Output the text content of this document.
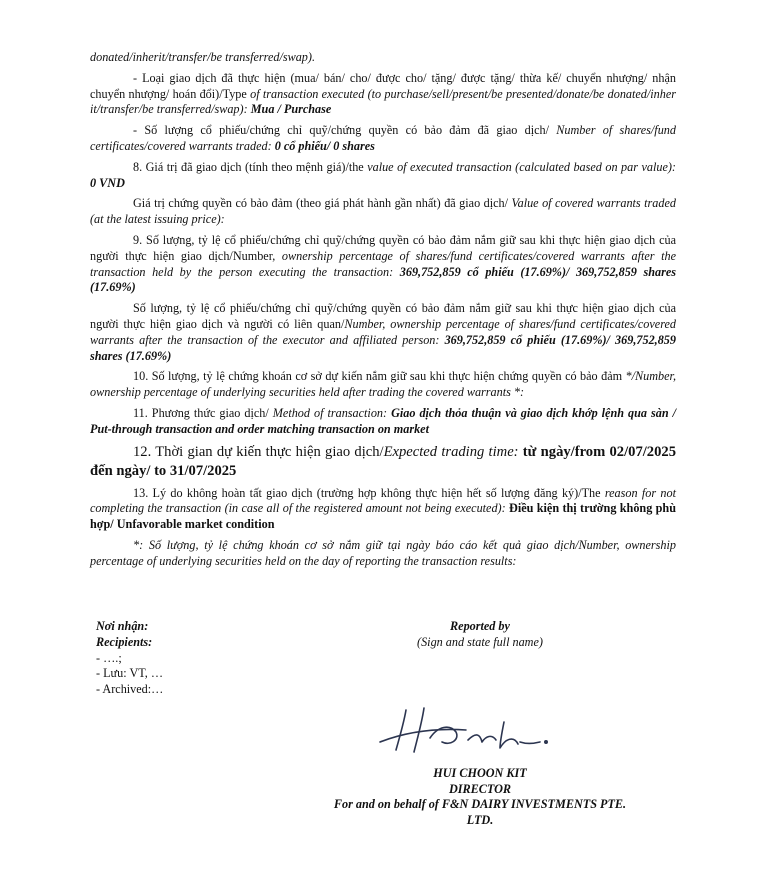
donated/inherit/transfer/be transferred/swap).

- Loại giao dịch đã thực hiện (mua/ bán/ cho/ được cho/ tặng/ được tặng/ thừa kế/ chuyển nhượng/ nhận chuyển nhượng/ hoán đổi)/Type of transaction executed (to purchase/sell/present/be presented/donate/be donated/inher it/transfer/be transferred/swap): Mua / Purchase

- Số lượng cổ phiếu/chứng chỉ quỹ/chứng quyền có bảo đảm đã giao dịch/ Number of shares/fund certificates/covered warrants traded: 0 cổ phiếu/ 0 shares

8. Giá trị đã giao dịch (tính theo mệnh giá)/the value of executed transaction (calculated based on par value): 0 VND

Giá trị chứng quyền có bảo đảm (theo giá phát hành gần nhất) đã giao dịch/ Value of covered warrants traded (at the latest issuing price):

9. Số lượng, tỷ lệ cổ phiếu/chứng chỉ quỹ/chứng quyền có bảo đảm nắm giữ sau khi thực hiện giao dịch của người thực hiện giao dịch/Number, ownership percentage of shares/fund certificates/covered warrants after the transaction held by the person executing the transaction: 369,752,859 cổ phiếu (17.69%)/ 369,752,859 shares (17.69%)

Số lượng, tỷ lệ cổ phiếu/chứng chỉ quỹ/chứng quyền có bảo đảm nắm giữ sau khi thực hiện giao dịch của người thực hiện giao dịch và người có liên quan/Number, ownership percentage of shares/fund certificates/covered warrants after the transaction of the executor and affiliated person: 369,752,859 cổ phiếu (17.69%)/ 369,752,859 shares (17.69%)

10. Số lượng, tỷ lệ chứng khoán cơ sở dự kiến nắm giữ sau khi thực hiện chứng quyền có bảo đảm */Number, ownership percentage of underlying securities held after trading the covered warrants *:

11. Phương thức giao dịch/ Method of transaction: Giao dịch thỏa thuận và giao dịch khớp lệnh qua sàn / Put-through transaction and order matching transaction on market

12. Thời gian dự kiến thực hiện giao dịch/Expected trading time: từ ngày/from 02/07/2025 đến ngày/ to 31/07/2025

13. Lý do không hoàn tất giao dịch (trường hợp không thực hiện hết số lượng đăng ký)/The reason for not completing the transaction (in case all of the registered amount not being executed): Điều kiện thị trường không phù hợp/ Unfavorable market condition

*: Số lượng, tỷ lệ chứng khoán cơ sở nắm giữ tại ngày báo cáo kết quả giao dịch/Number, ownership percentage of underlying securities held on the day of reporting the transaction results:

Nơi nhận:
Recipients:
- ….;
- Lưu: VT, …
- Archived:…
Reported by
(Sign and state full name)
HUI CHOON KIT
DIRECTOR
For and on behalf of F&N DAIRY INVESTMENTS PTE.
LTD.
